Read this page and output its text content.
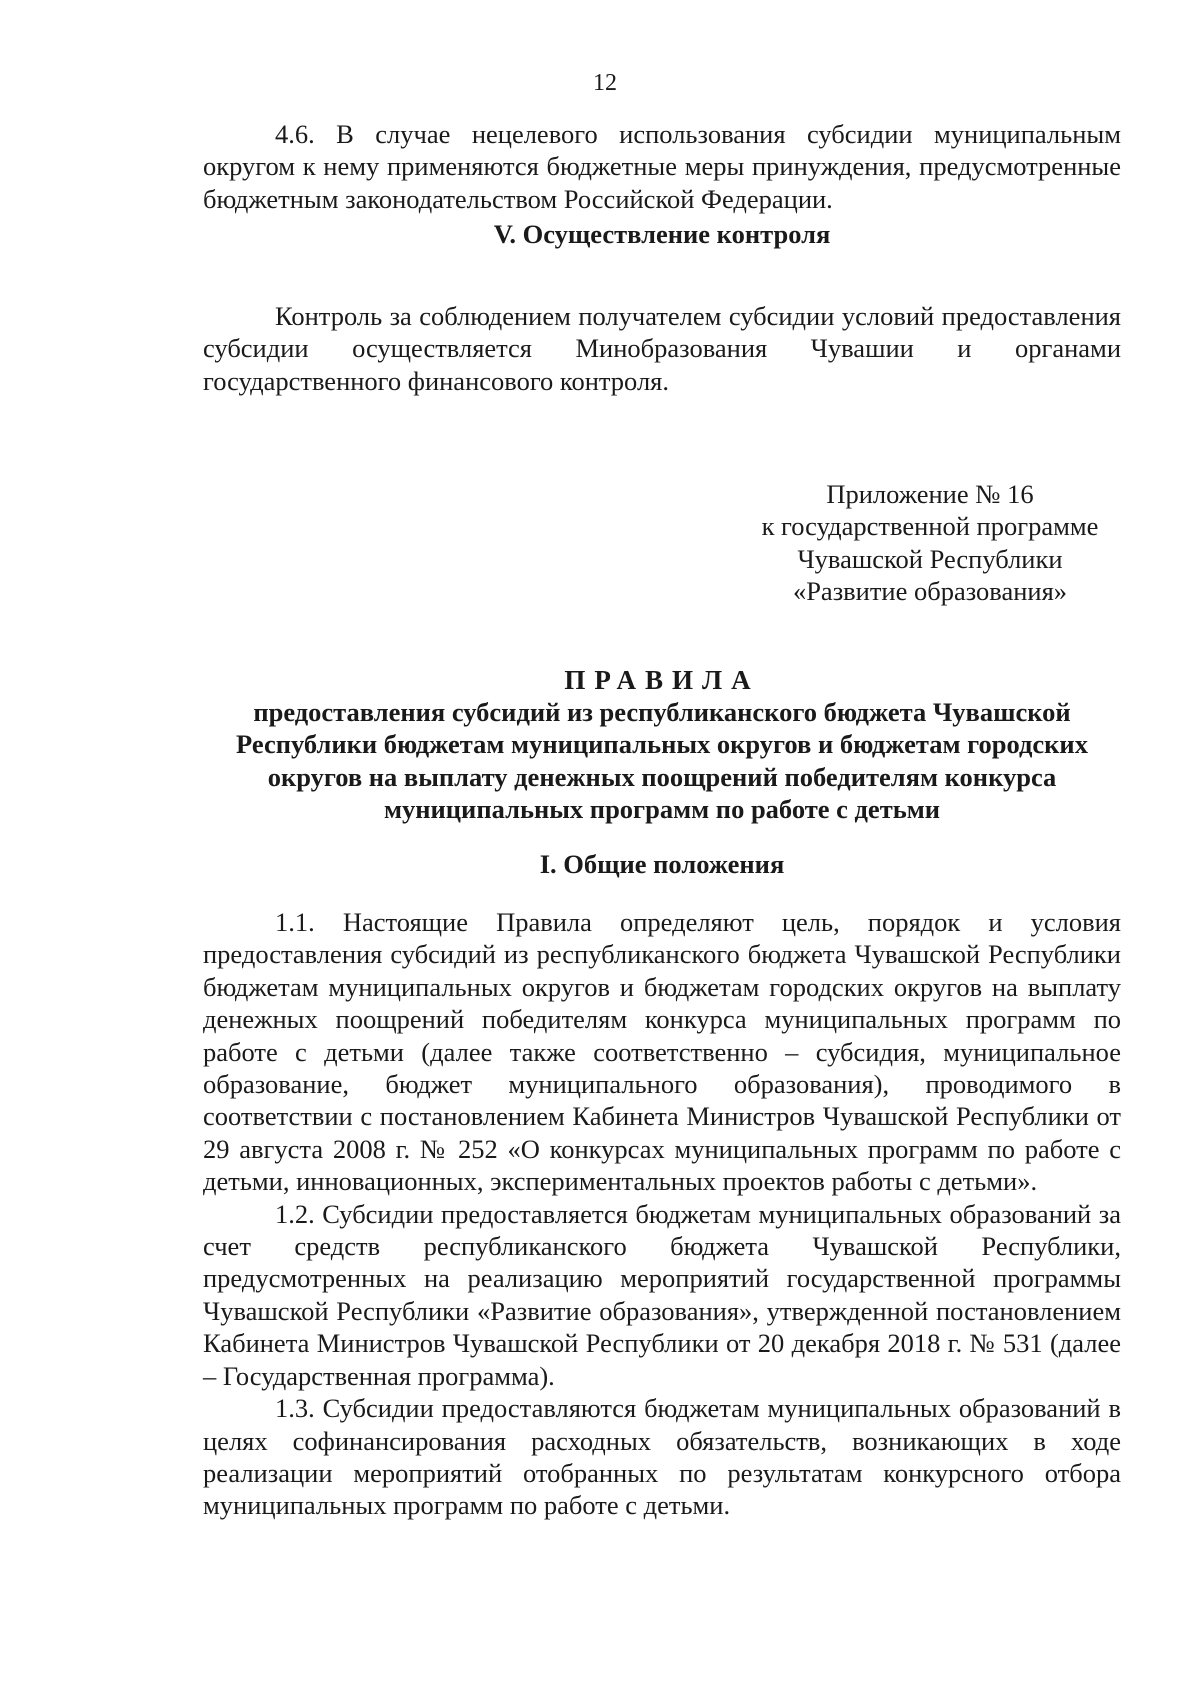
12

4.6. В случае нецелевого использования субсидии муниципальным округом к нему применяются бюджетные меры принуждения, предусмотренные бюджетным законодательством Российской Федерации.

V. Осуществление контроля

Контроль за соблюдением получателем субсидии условий предоставления субсидии осуществляется Минобразования Чувашии и органами государственного финансового контроля.

Приложение № 16
к государственной программе
Чувашской Республики
«Развитие образования»
ПРАВИЛА
предоставления субсидий из республиканского бюджета Чувашской
Республики бюджетам муниципальных округов и бюджетам городских
округов на выплату денежных поощрений победителям конкурса
муниципальных программ по работе с детьми
I. Общие положения

1.1. Настоящие Правила определяют цель, порядок и условия предоставления субсидий из республиканского бюджета Чувашской Республики бюджетам муниципальных округов и бюджетам городских округов на выплату денежных поощрений победителям конкурса муниципальных программ по работе с детьми (далее также соответственно – субсидия, муниципальное образование, бюджет муниципального образования), проводимого в соответствии с постановлением Кабинета Министров Чувашской Республики от 29 августа 2008 г. № 252 «О конкурсах муниципальных программ по работе с детьми, инновационных, экспериментальных проектов работы с детьми».

1.2. Субсидии предоставляется бюджетам муниципальных образований за счет средств республиканского бюджета Чувашской Республики, предусмотренных на реализацию мероприятий государственной программы Чувашской Республики «Развитие образования», утвержденной постановлением Кабинета Министров Чувашской Республики от 20 декабря 2018 г. № 531 (далее – Государственная программа).

1.3. Субсидии предоставляются бюджетам муниципальных образований в целях софинансирования расходных обязательств, возникающих в ходе реализации мероприятий отобранных по результатам конкурсного отбора муниципальных программ по работе с детьми.
